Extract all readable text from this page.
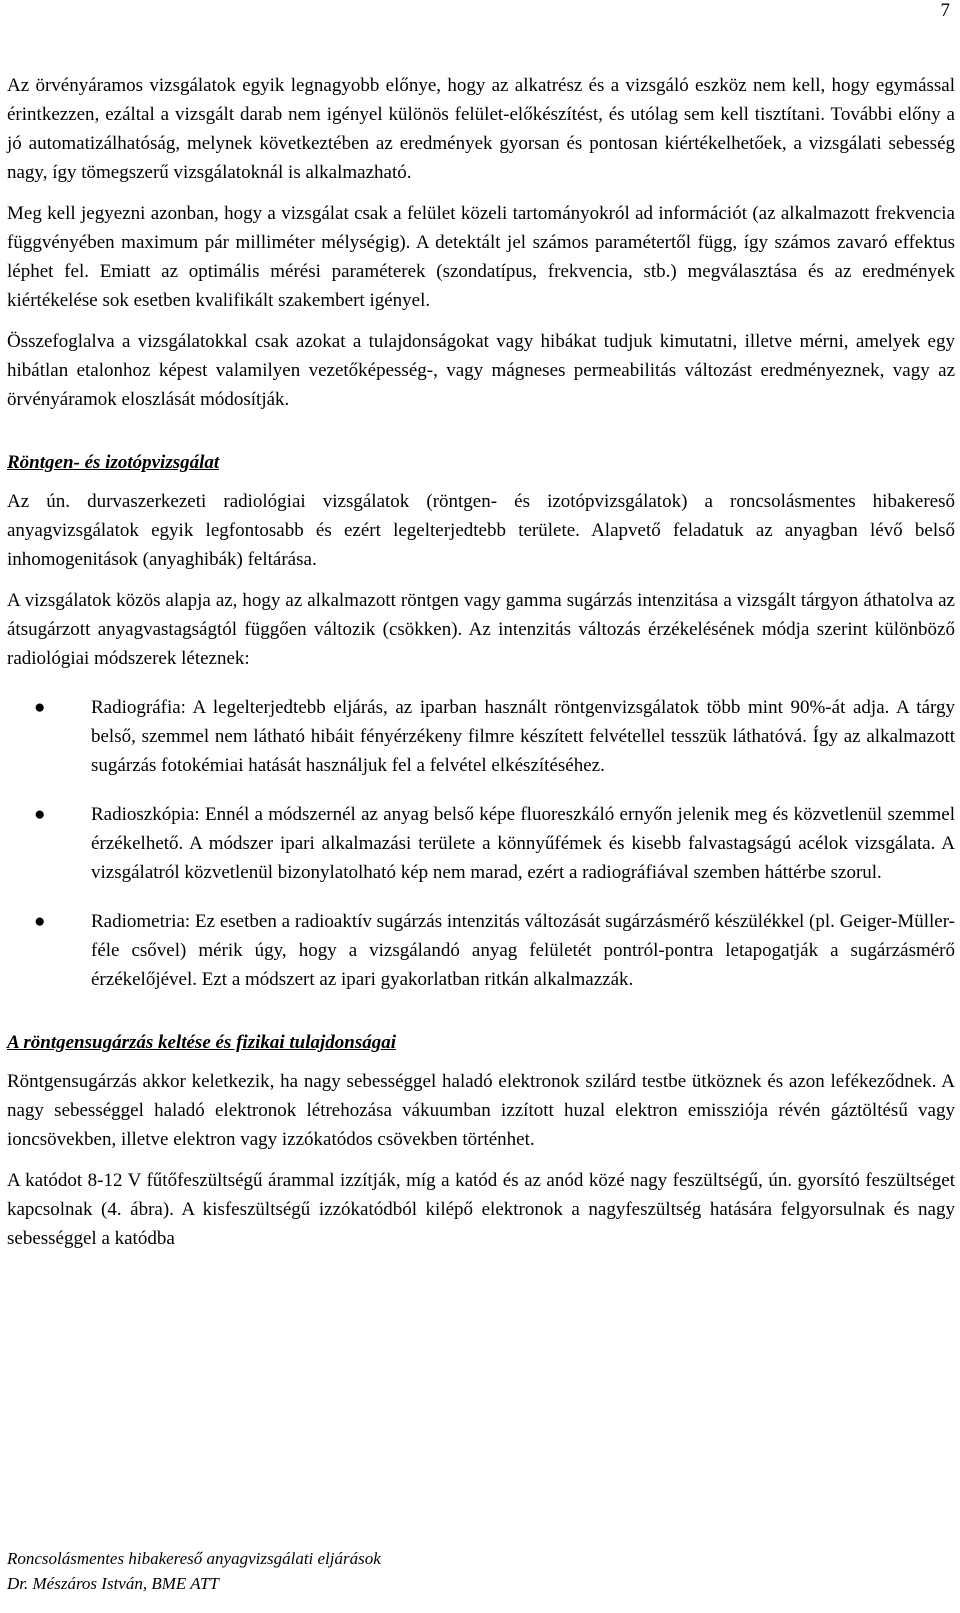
7

Az örvényáramos vizsgálatok egyik legnagyobb előnye, hogy az alkatrész és a vizsgáló eszköz nem kell, hogy egymással érintkezzen, ezáltal a vizsgált darab nem igényel különös felület-előkészítést, és utólag sem kell tisztítani. További előny a jó automatizálhatóság, melynek következtében az eredmények gyorsan és pontosan kiértékelhetőek, a vizsgálati sebesség nagy, így tömegszerű vizsgálatoknál is alkalmazható.

Meg kell jegyezni azonban, hogy a vizsgálat csak a felület közeli tartományokról ad információt (az alkalmazott frekvencia függvényében maximum pár milliméter mélységig). A detektált jel számos paramétertől függ, így számos zavaró effektus léphet fel. Emiatt az optimális mérési paraméterek (szondatípus, frekvencia, stb.) megválasztása és az eredmények kiértékelése sok esetben kvalifikált szakembert igényel.

Összefoglalva a vizsgálatokkal csak azokat a tulajdonságokat vagy hibákat tudjuk kimutatni, illetve mérni, amelyek egy hibátlan etalonhoz képest valamilyen vezetőképesség-, vagy mágneses permeabilitás változást eredményeznek, vagy az örvényáramok eloszlását módosítják.

Röntgen- és izotópvizsgálat

Az ún. durvaszerkezeti radiológiai vizsgálatok (röntgen- és izotópvizsgálatok) a roncsolásmentes hibakereső anyagvizsgálatok egyik legfontosabb és ezért legelterjedtebb területe. Alapvető feladatuk az anyagban lévő belső inhomogenitások (anyaghibák) feltárása.

A vizsgálatok közös alapja az, hogy az alkalmazott röntgen vagy gamma sugárzás intenzitása a vizsgált tárgyon áthatolva az átsugárzott anyagvastagságtól függően változik (csökken). Az intenzitás változás érzékelésének módja szerint különböző radiológiai módszerek léteznek:

● Radiográfia: A legelterjedtebb eljárás, az iparban használt röntgenvizsgálatok több mint 90%-át adja. A tárgy belső, szemmel nem látható hibáit fényérzékeny filmre készített felvétellel tesszük láthatóvá. Így az alkalmazott sugárzás fotokémiai hatását használjuk fel a felvétel elkészítéséhez.
● Radioszkópia: Ennél a módszernél az anyag belső képe fluoreszkáló ernyőn jelenik meg és közvetlenül szemmel érzékelhető. A módszer ipari alkalmazási területe a könnyűfémek és kisebb falvastagságú acélok vizsgálata. A vizsgálatról közvetlenül bizonylatolható kép nem marad, ezért a radiográfiával szemben háttérbe szorul.
● Radiometria: Ez esetben a radioaktív sugárzás intenzitás változását sugárzásmérő készülékkel (pl. Geiger-Müller-féle csővel) mérik úgy, hogy a vizsgálandó anyag felületét pontról-pontra letapogatják a sugárzásmérő érzékelőjével. Ezt a módszert az ipari gyakorlatban ritkán alkalmazzák.
A röntgensugárzás keltése és fizikai tulajdonságai

Röntgensugárzás akkor keletkezik, ha nagy sebességgel haladó elektronok szilárd testbe ütköznek és azon lefékeződnek. A nagy sebességgel haladó elektronok létrehozása vákuumban izzított huzal elektron emissziója révén gáztöltésű vagy ioncsövekben, illetve elektron vagy izzókatódos csövekben történhet.

A katódot 8-12 V fűtőfeszültségű árammal izzítják, míg a katód és az anód közé nagy feszültségű, ún. gyorsító feszültséget kapcsolnak (4. ábra). A kisfeszültségű izzókatódból kilépő elektronok a nagyfeszültség hatására felgyorsulnak és nagy sebességgel a katódba

Roncsolásmentes hibakereső anyagvizsgálati eljárások
Dr. Mészáros István, BME ATT
